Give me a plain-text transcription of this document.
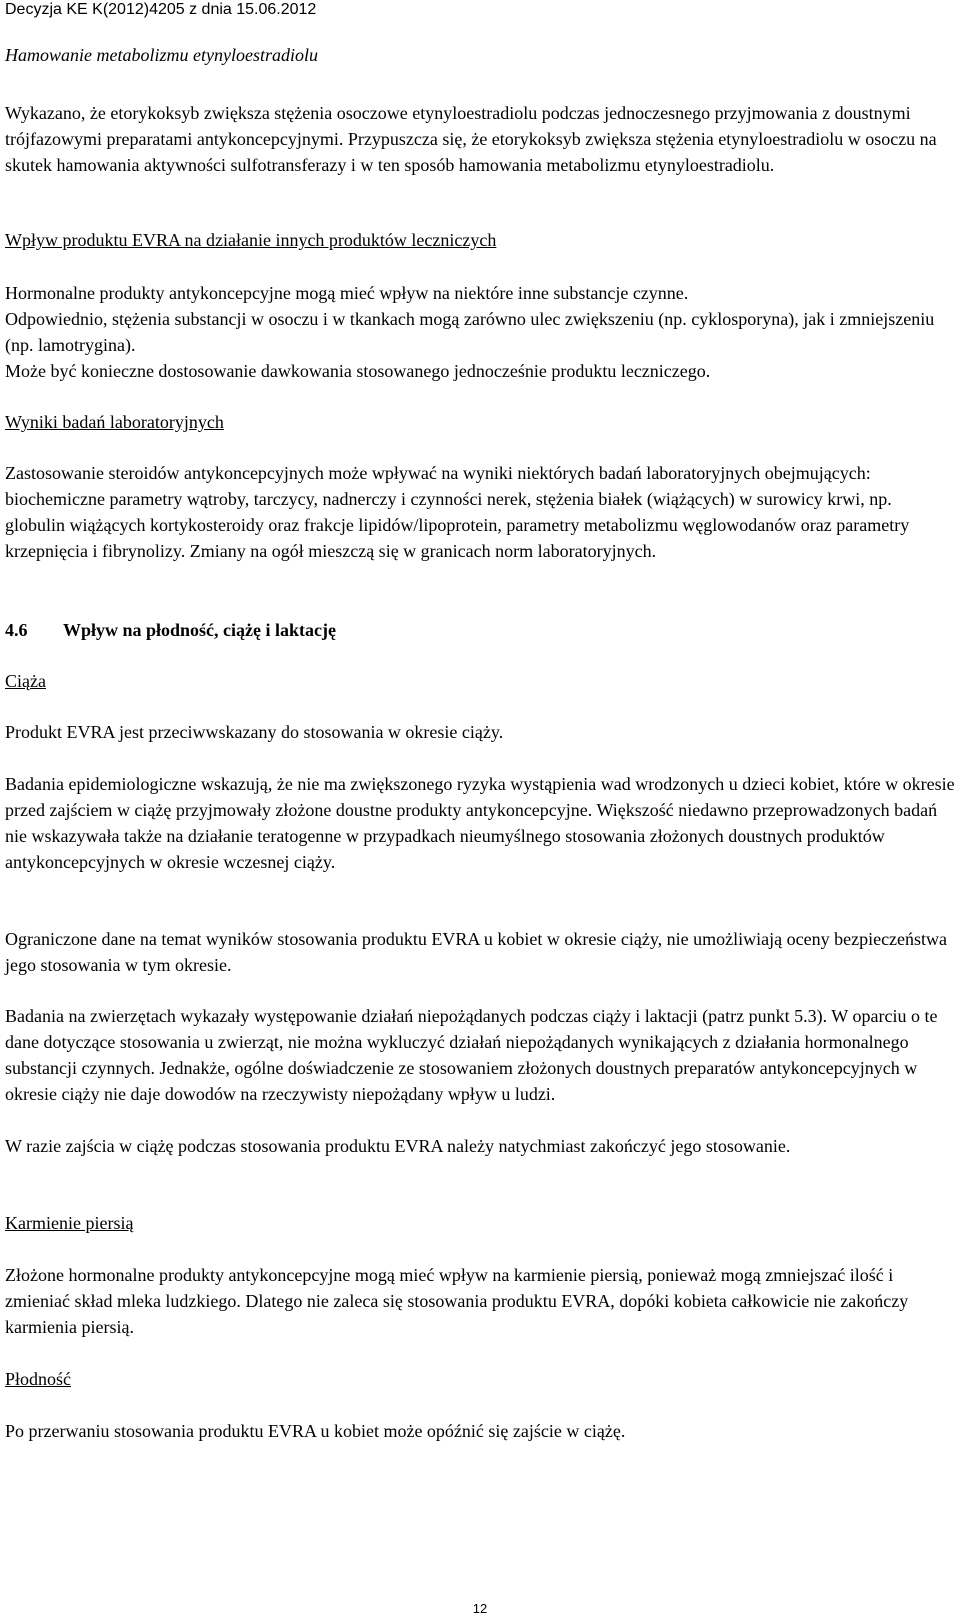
Decyzja KE K(2012)4205 z dnia 15.06.2012
Hamowanie metabolizmu etynyloestradiolu

Wykazano, że etorykoksyb zwiększa stężenia osoczowe etynyloestradiolu podczas jednoczesnego przyjmowania z doustnymi trójfazowymi preparatami antykoncepcyjnymi. Przypuszcza się, że etorykoksyb zwiększa stężenia etynyloestradiolu w osoczu na skutek hamowania aktywności sulfotransferazy i w ten sposób hamowania metabolizmu etynyloestradiolu.

Wpływ produktu EVRA na działanie innych produktów leczniczych

Hormonalne produkty antykoncepcyjne mogą mieć wpływ na niektóre inne substancje czynne.

Odpowiednio, stężenia substancji w osoczu i w tkankach mogą zarówno ulec zwiększeniu (np. cyklosporyna), jak i zmniejszeniu (np. lamotrygina).

Może być konieczne dostosowanie dawkowania stosowanego jednocześnie produktu leczniczego.

Wyniki badań laboratoryjnych

Zastosowanie steroidów antykoncepcyjnych może wpływać na wyniki niektórych badań laboratoryjnych obejmujących: biochemiczne parametry wątroby, tarczycy, nadnerczy i czynności nerek, stężenia białek (wiążących) w surowicy krwi, np. globulin wiążących kortykosteroidy oraz frakcje lipidów/lipoprotein, parametry metabolizmu węglowodanów oraz parametry krzepnięcia i fibrynolizy. Zmiany na ogół mieszczą się w granicach norm laboratoryjnych.

4.6 Wpływ na płodność, ciążę i laktację
Ciąża

Produkt EVRA jest przeciwwskazany do stosowania w okresie ciąży.

Badania epidemiologiczne wskazują, że nie ma zwiększonego ryzyka wystąpienia wad wrodzonych u dzieci kobiet, które w okresie przed zajściem w ciążę przyjmowały złożone doustne produkty antykoncepcyjne. Większość niedawno przeprowadzonych badań nie wskazywała także na działanie teratogenne w przypadkach nieumyślnego stosowania złożonych doustnych produktów antykoncepcyjnych w okresie wczesnej ciąży.

Ograniczone dane na temat wyników stosowania produktu EVRA u kobiet w okresie ciąży, nie umożliwiają oceny bezpieczeństwa jego stosowania w tym okresie.

Badania na zwierzętach wykazały występowanie działań niepożądanych podczas ciąży i laktacji (patrz punkt 5.3). W oparciu o te dane dotyczące stosowania u zwierząt, nie można wykluczyć działań niepożądanych wynikających z działania hormonalnego substancji czynnych. Jednakże, ogólne doświadczenie ze stosowaniem złożonych doustnych preparatów antykoncepcyjnych w okresie ciąży nie daje dowodów na rzeczywisty niepożądany wpływ u ludzi.

W razie zajścia w ciążę podczas stosowania produktu EVRA należy natychmiast zakończyć jego stosowanie.

Karmienie piersią

Złożone hormonalne produkty antykoncepcyjne mogą mieć wpływ na karmienie piersią, ponieważ mogą zmniejszać ilość i zmieniać skład mleka ludzkiego. Dlatego nie zaleca się stosowania produktu EVRA, dopóki kobieta całkowicie nie zakończy karmienia piersią.

Płodność

Po przerwaniu stosowania produktu EVRA u kobiet może opóźnić się zajście w ciążę.

12
